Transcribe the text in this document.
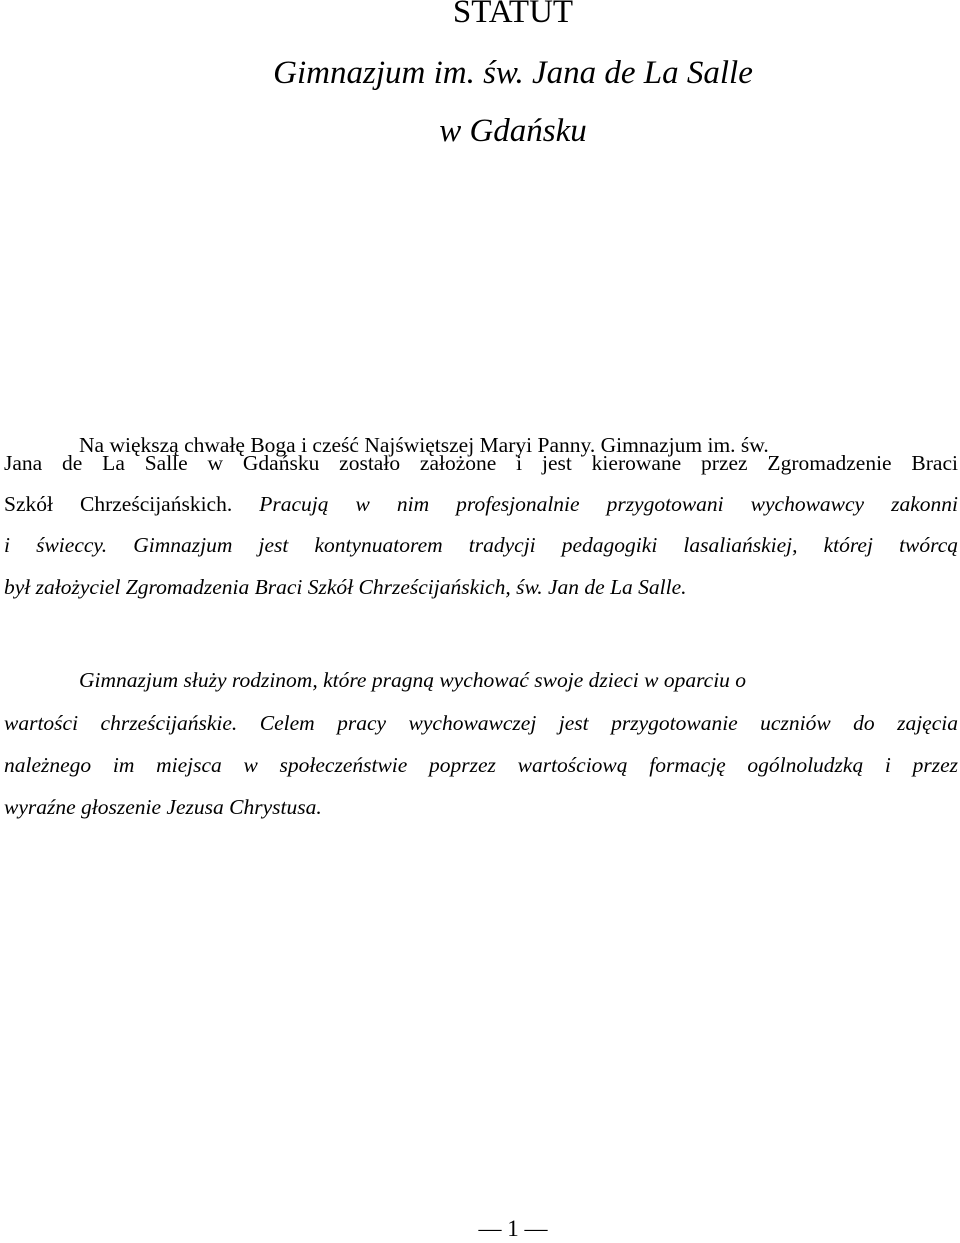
STATUT

Gimnazjum im. św. Jana de La Salle

w Gdańsku

Na większą chwałę Boga i cześć Najświętszej Maryi Panny. Gimnazjum im. św.

Jana de La Salle w Gdańsku zostało założone i jest kierowane przez Zgromadzenie Braci

Szkół Chrześcijańskich. Pracują w nim profesjonalnie przygotowani wychowawcy zakonni

i świeccy. Gimnazjum jest kontynuatorem tradycji pedagogiki lasaliańskiej, której twórcą

był założyciel Zgromadzenia Braci Szkół Chrześcijańskich, św. Jan de La Salle.

Gimnazjum służy rodzinom, które pragną wychować swoje dzieci w oparciu o

wartości chrześcijańskie. Celem pracy wychowawczej jest przygotowanie uczniów do zajęcia

należnego im miejsca w społeczeństwie poprzez wartościową formację ogólnoludzką i przez

wyraźne głoszenie Jezusa Chrystusa.

— 1 —
